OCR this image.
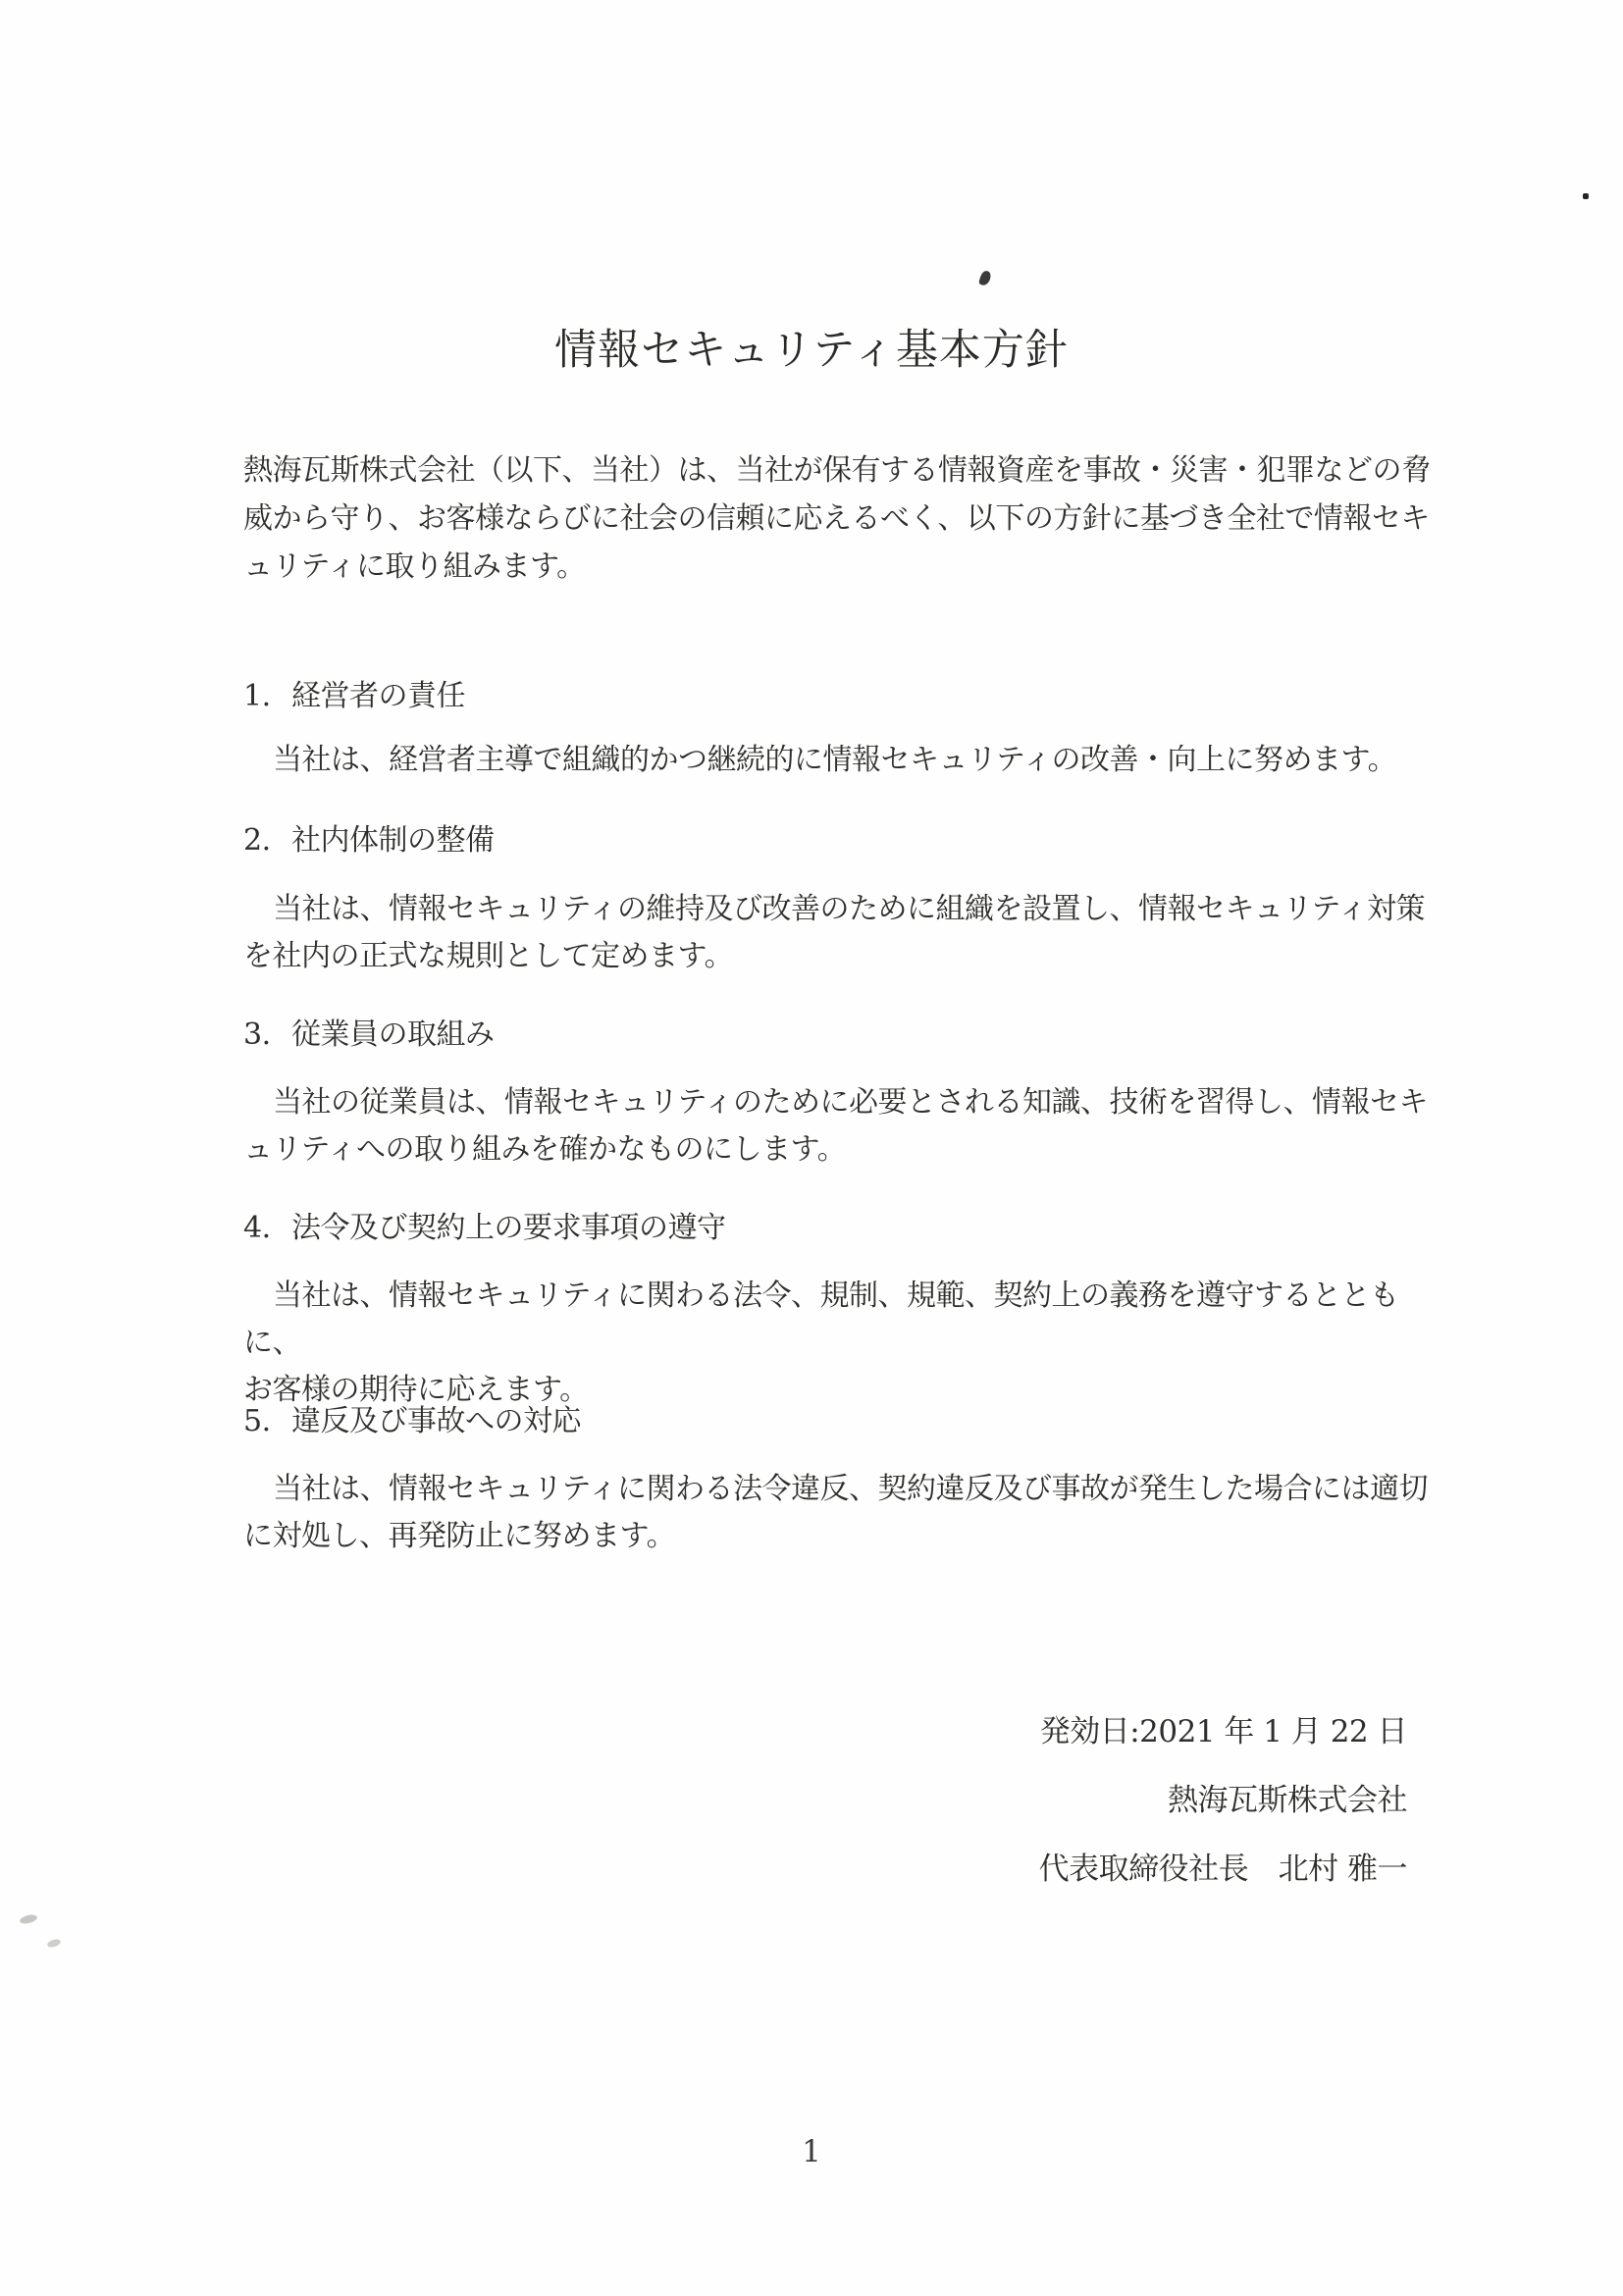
情報セキュリティ基本方針
熱海瓦斯株式会社（以下、当社）は、当社が保有する情報資産を事故・災害・犯罪などの脅
威から守り、お客様ならびに社会の信頼に応えるべく、以下の方針に基づき全社で情報セキ
ュリティに取り組みます。
1. 経営者の責任
当社は、経営者主導で組織的かつ継続的に情報セキュリティの改善・向上に努めます。
2. 社内体制の整備
当社は、情報セキュリティの維持及び改善のために組織を設置し、情報セキュリティ対策
を社内の正式な規則として定めます。
3. 従業員の取組み
当社の従業員は、情報セキュリティのために必要とされる知識、技術を習得し、情報セキ
ュリティへの取り組みを確かなものにします。
4. 法令及び契約上の要求事項の遵守
当社は、情報セキュリティに関わる法令、規制、規範、契約上の義務を遵守するとともに、
お客様の期待に応えます。
5. 違反及び事故への対応
当社は、情報セキュリティに関わる法令違反、契約違反及び事故が発生した場合には適切
に対処し、再発防止に努めます。
発効日:2021 年 1 月 22 日
熱海瓦斯株式会社
代表取締役社長　北村 雅一
1
